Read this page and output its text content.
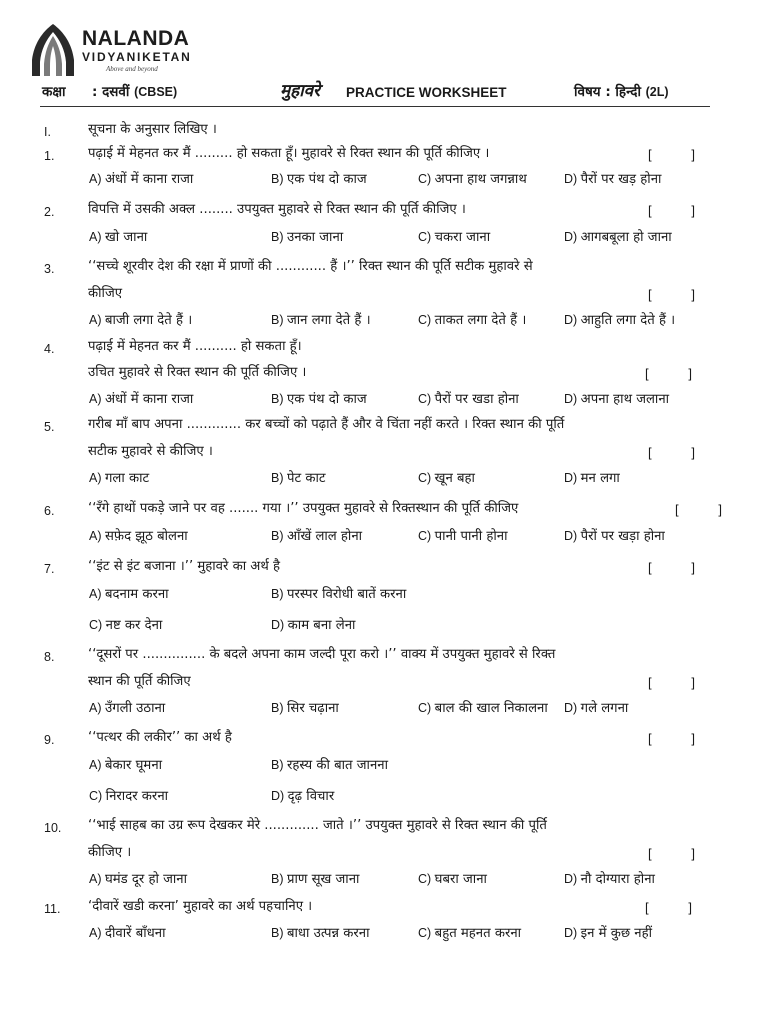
NALANDA
VIDYANIKETAN
Above and beyond
कक्षा : दसवीं (CBSE)	मुहावरे PRACTICE WORKSHEET	विषय : हिन्दी (2L)
I.	सूचना के अनुसार लिखिए ।
1.	पढ़ाई में मेहनत कर मैं ......... हो सकता हूँ। मुहावरे से रिक्त स्थान की पूर्ति कीजिए ।	[           ]
A) अंधों में काना राजा	B) एक पंथ दो काज	C) अपना हाथ जगन्नाथ	D) पैरों पर खड़ होना
2.	विपत्ति में उसकी अक्ल ........ उपयुक्त मुहावरे से रिक्त स्थान की पूर्ति कीजिए ।	[           ]
A) खो जाना	B) उनका जाना	C) चकरा जाना	D) आगबबूला हो जाना
3.	‘‘सच्चे शूरवीर देश की रक्षा में प्राणों की ............ हैं ।’’ रिक्त स्थान की पूर्ति सटीक मुहावरे से
कीजिए	[           ]
A) बाजी लगा देते हैं ।	B) जान लगा देते हैं ।	C) ताकत लगा देते हैं ।	D) आहुति लगा देते हैं ।
4.	पढ़ाई में मेहनत कर मैं .......... हो सकता हूँ।
उचित मुहावरे से रिक्त स्थान की पूर्ति कीजिए ।	[           ]
A) अंधों में काना राजा	B) एक पंथ दो काज	C) पैरों पर खडा होना	D) अपना हाथ जलाना
5.	गरीब माँ बाप अपना ............. कर बच्चों को पढ़ाते हैं और वे चिंता नहीं करते । रिक्त स्थान की पूर्ति
सटीक मुहावरे से कीजिए ।	[           ]
A) गला काट	B) पेट काट	C) खून बहा	D) मन लगा
6.	‘‘रँगे हाथों पकड़े जाने पर वह ....... गया ।’’ उपयुक्त मुहावरे से रिक्तस्थान की पूर्ति कीजिए	[           ]
A) सफ़ेद झूठ बोलना	B) आँखें लाल होना	C) पानी पानी होना	D) पैरों पर खड़ा होना
7.	‘‘इंट से इंट बजाना ।’’ मुहावरे का अर्थ है	[           ]
A) बदनाम करना	B) परस्पर विरोधी बातें करना
C) नष्ट कर देना	D) काम बना लेना
8.	‘‘दूसरों पर ............... के बदले अपना काम जल्दी पूरा करो ।’’ वाक्य में उपयुक्त मुहावरे से रिक्त
स्थान की पूर्ति कीजिए	[           ]
A) उँगली उठाना	B) सिर चढ़ाना	C) बाल की खाल निकालना D) गले लगना
9.	‘‘पत्थर की लकीर’’ का अर्थ है	[           ]
A) बेकार घूमना	B) रहस्य की बात जानना
C) निरादर करना	D) दृढ़ विचार
10. ‘‘भाई साहब का उग्र रूप देखकर मेरे ............. जाते ।’’ उपयुक्त मुहावरे से रिक्त स्थान की पूर्ति
कीजिए ।	[           ]
A) घमंड दूर हो जाना	B) प्राण सूख जाना	C) घबरा जाना	D) नौ दोग्यारा होना
11. ‘दीवारें खडी करना’ मुहावरे का अर्थ पहचानिए ।	[           ]
A) दीवारें बाँधना	B) बाधा उत्पन्न करना	C) बहुत महनत करना	D) इन में कुछ नहीं
